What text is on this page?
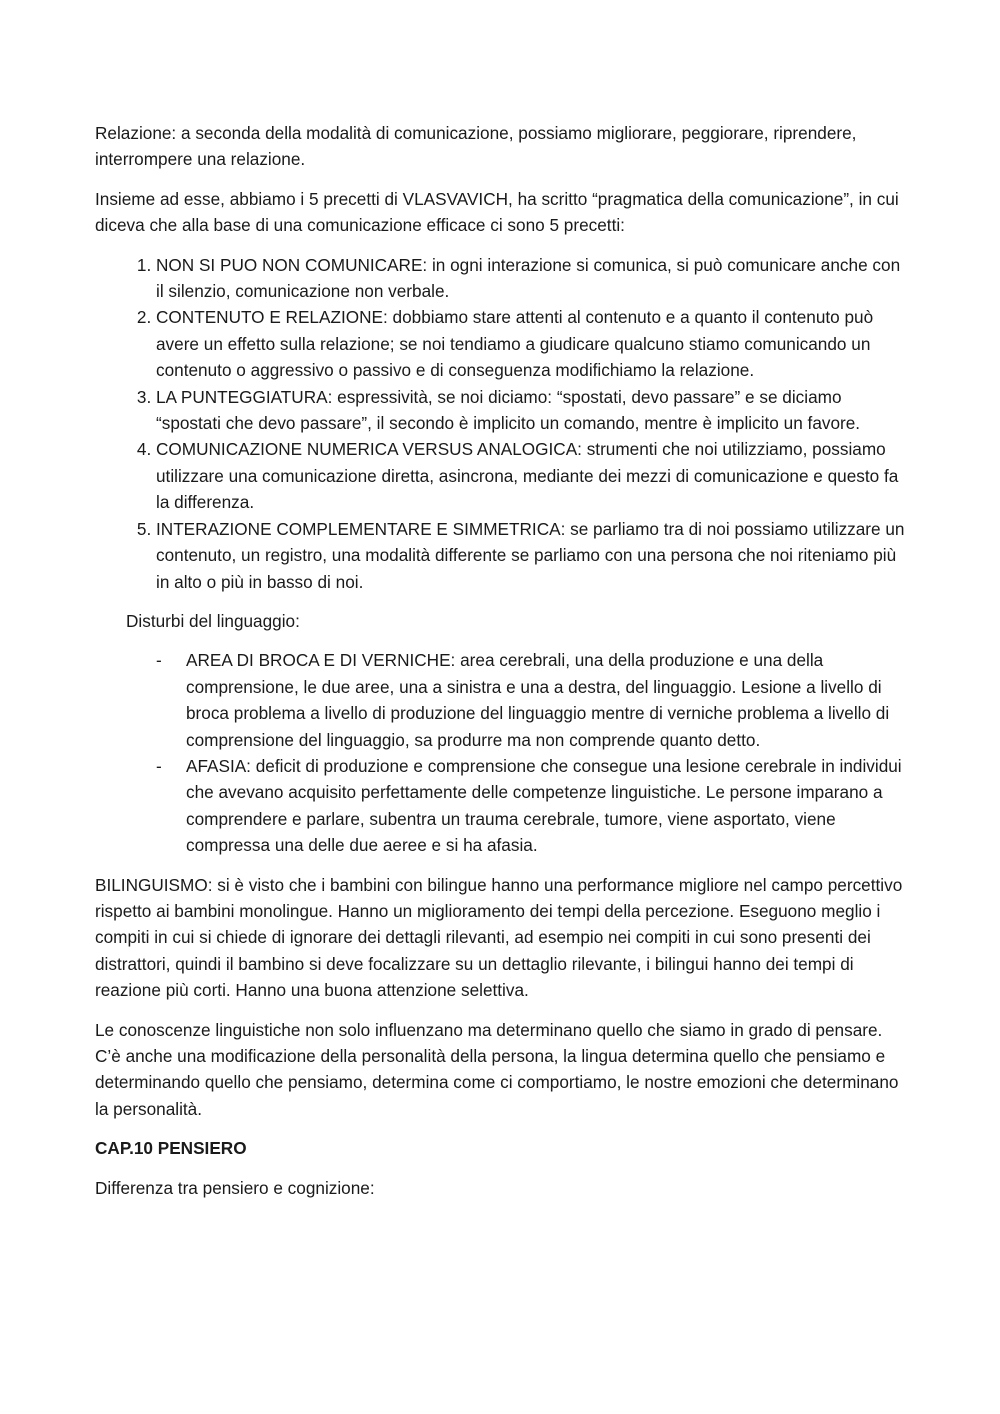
Relazione: a seconda della modalità di comunicazione, possiamo migliorare, peggiorare, riprendere, interrompere una relazione.

Insieme ad esse, abbiamo i 5 precetti di VLASVAVICH, ha scritto “pragmatica della comunicazione”, in cui diceva che alla base di una comunicazione efficace ci sono 5 precetti:

1. NON SI PUO NON COMUNICARE: in ogni interazione si comunica, si può comunicare anche con il silenzio, comunicazione non verbale.
2. CONTENUTO E RELAZIONE: dobbiamo stare attenti al contenuto e a quanto il contenuto può avere un effetto sulla relazione; se noi tendiamo a giudicare qualcuno stiamo comunicando un contenuto o aggressivo o passivo e di conseguenza modifichiamo la relazione.
3. LA PUNTEGGIATURA: espressività, se noi diciamo: “spostati, devo passare” e se diciamo “spostati che devo passare”, il secondo è implicito un comando, mentre è implicito un favore.
4. COMUNICAZIONE NUMERICA VERSUS ANALOGICA: strumenti che noi utilizziamo, possiamo utilizzare una comunicazione diretta, asincrona, mediante dei mezzi di comunicazione e questo fa la differenza.
5. INTERAZIONE COMPLEMENTARE E SIMMETRICA: se parliamo tra di noi possiamo utilizzare un contenuto, un registro, una modalità differente se parliamo con una persona che noi riteniamo più in alto o più in basso di noi.

Disturbi del linguaggio:

- AREA DI BROCA E DI VERNICHE: area cerebrali, una della produzione e una della comprensione, le due aree, una a sinistra e una a destra, del linguaggio. Lesione a livello di broca problema a livello di produzione del linguaggio mentre di verniche problema a livello di comprensione del linguaggio, sa produrre ma non comprende quanto detto.
- AFASIA: deficit di produzione e comprensione che consegue una lesione cerebrale in individui che avevano acquisito perfettamente delle competenze linguistiche. Le persone imparano a comprendere e parlare, subentra un trauma cerebrale, tumore, viene asportato, viene compressa una delle due aeree e si ha afasia.

BILINGUISMO: si è visto che i bambini con bilingue hanno una performance migliore nel campo percettivo rispetto ai bambini monolingue. Hanno un miglioramento dei tempi della percezione. Eseguono meglio i compiti in cui si chiede di ignorare dei dettagli rilevanti, ad esempio nei compiti in cui sono presenti dei distrattori, quindi il bambino si deve focalizzare su un dettaglio rilevante, i bilingui hanno dei tempi di reazione più corti. Hanno una buona attenzione selettiva.

Le conoscenze linguistiche non solo influenzano ma determinano quello che siamo in grado di pensare. C’è anche una modificazione della personalità della persona, la lingua determina quello che pensiamo e determinando quello che pensiamo, determina come ci comportiamo, le nostre emozioni che determinano la personalità.

CAP.10 PENSIERO

Differenza tra pensiero e cognizione:
